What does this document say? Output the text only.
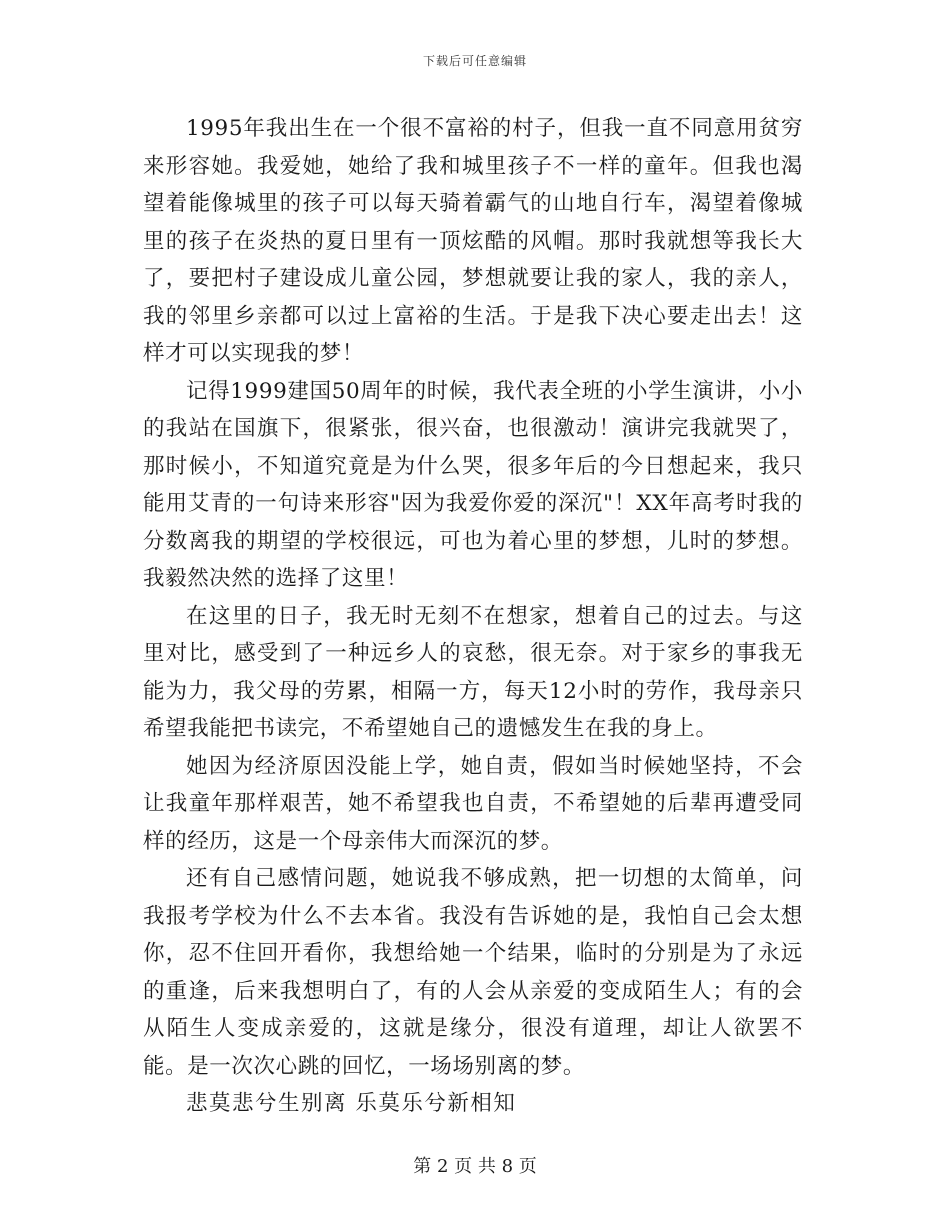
下载后可任意编辑

1995年我出生在一个很不富裕的村子，但我一直不同意用贫穷来形容她。我爱她，她给了我和城里孩子不一样的童年。但我也渴望着能像城里的孩子可以每天骑着霸气的山地自行车，渴望着像城里的孩子在炎热的夏日里有一顶炫酷的风帽。那时我就想等我长大了，要把村子建设成儿童公园，梦想就要让我的家人，我的亲人，我的邻里乡亲都可以过上富裕的生活。于是我下决心要走出去！这样才可以实现我的梦！

记得1999建国50周年的时候，我代表全班的小学生演讲，小小的我站在国旗下，很紧张，很兴奋，也很激动！演讲完我就哭了，那时候小，不知道究竟是为什么哭，很多年后的今日想起来，我只能用艾青的一句诗来形容"因为我爱你爱的深沉"！XX年高考时我的分数离我的期望的学校很远，可也为着心里的梦想，儿时的梦想。我毅然决然的选择了这里！

在这里的日子，我无时无刻不在想家，想着自己的过去。与这里对比，感受到了一种远乡人的哀愁，很无奈。对于家乡的事我无能为力，我父母的劳累，相隔一方，每天12小时的劳作，我母亲只希望我能把书读完，不希望她自己的遗憾发生在我的身上。

她因为经济原因没能上学，她自责，假如当时候她坚持，不会让我童年那样艰苦，她不希望我也自责，不希望她的后辈再遭受同样的经历，这是一个母亲伟大而深沉的梦。

还有自己感情问题，她说我不够成熟，把一切想的太简单，问我报考学校为什么不去本省。我没有告诉她的是，我怕自己会太想你，忍不住回开看你，我想给她一个结果，临时的分别是为了永远的重逢，后来我想明白了，有的人会从亲爱的变成陌生人；有的会从陌生人变成亲爱的，这就是缘分，很没有道理，却让人欲罢不能。是一次次心跳的回忆，一场场别离的梦。

悲莫悲兮生别离 乐莫乐兮新相知

第 2 页 共 8 页
